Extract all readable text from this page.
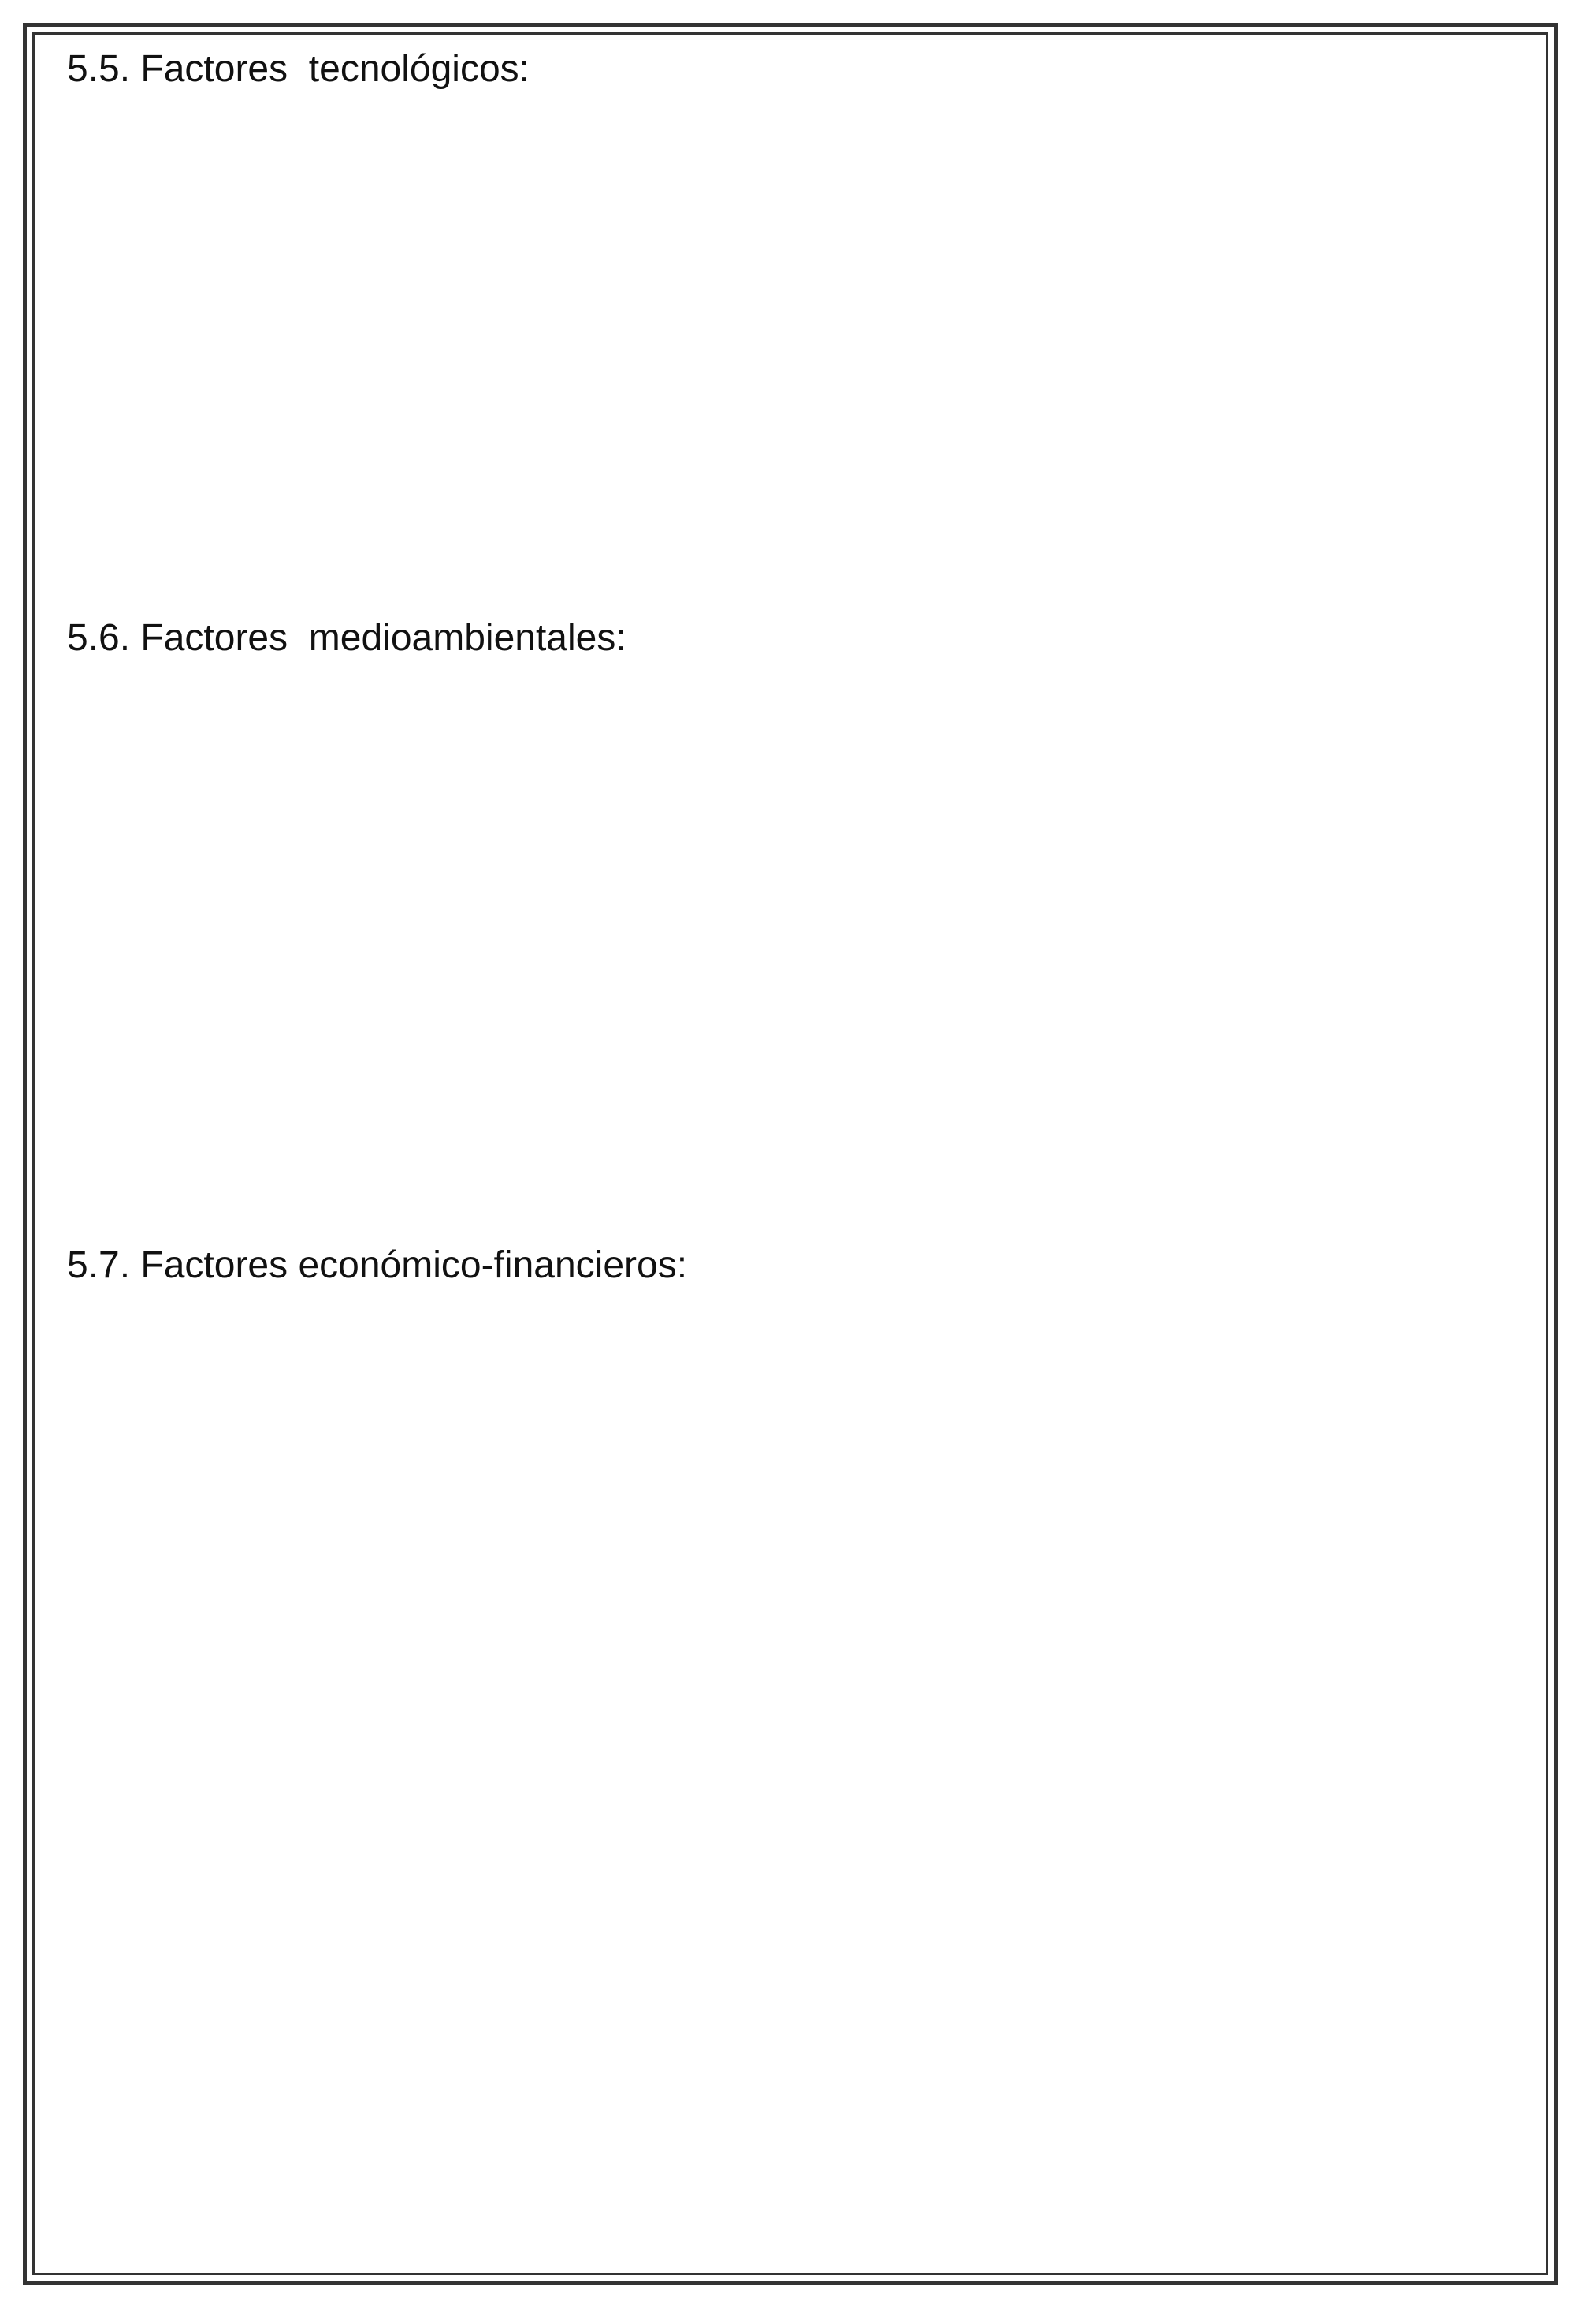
5.5. Factores  tecnológicos:
5.6. Factores  medioambientales:
5.7. Factores económico-financieros:
